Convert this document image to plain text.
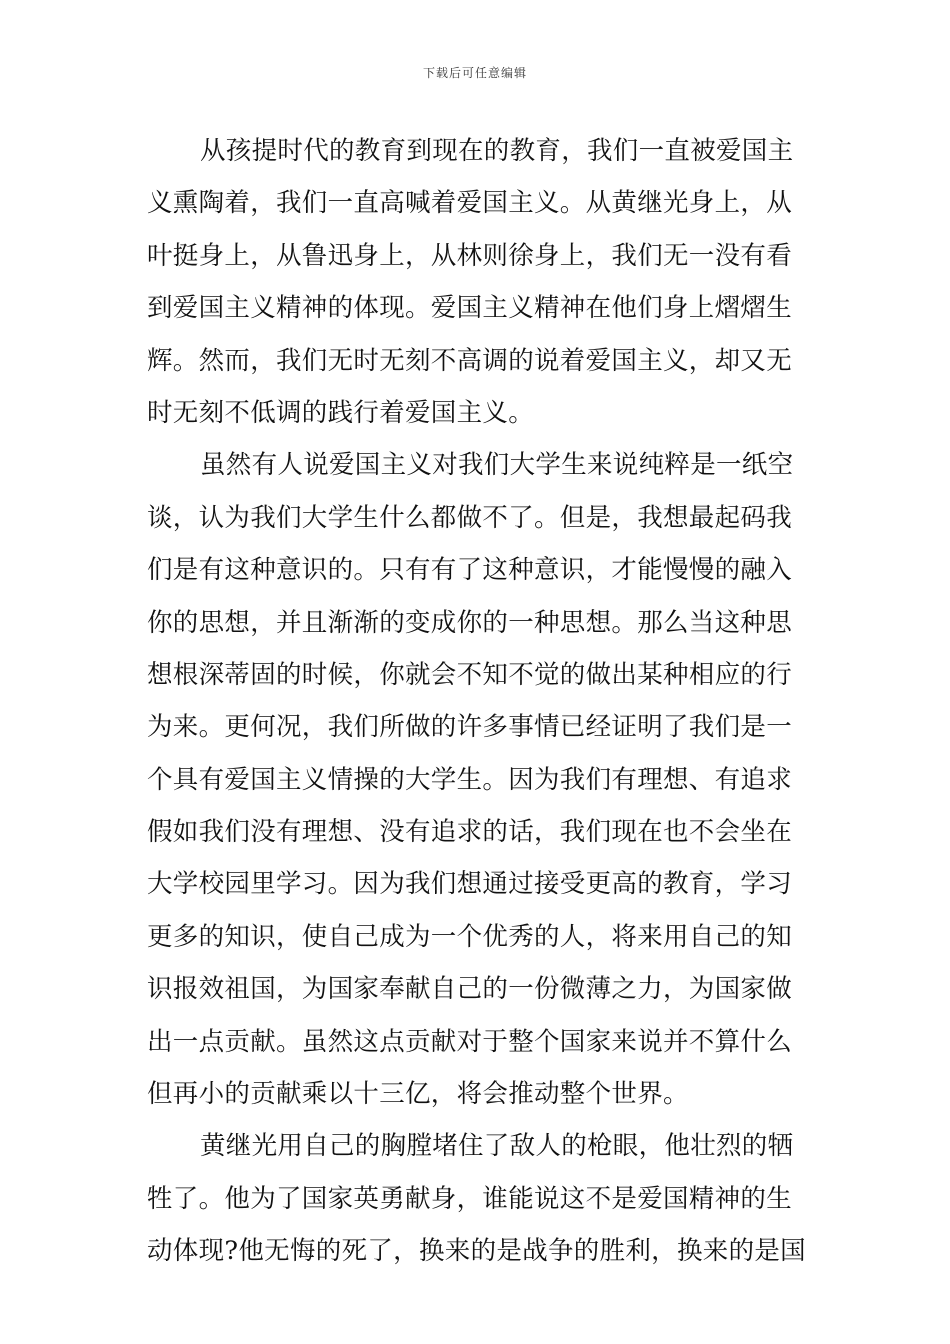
下载后可任意编辑
从孩提时代的教育到现在的教育，我们一直被爱国主
义熏陶着，我们一直高喊着爱国主义。从黄继光身上，从
叶挺身上，从鲁迅身上，从林则徐身上，我们无一没有看
到爱国主义精神的体现。爱国主义精神在他们身上熠熠生
辉。然而，我们无时无刻不高调的说着爱国主义，却又无
时无刻不低调的践行着爱国主义。
虽然有人说爱国主义对我们大学生来说纯粹是一纸空
谈，认为我们大学生什么都做不了。但是，我想最起码我
们是有这种意识的。只有有了这种意识，才能慢慢的融入
你的思想，并且渐渐的变成你的一种思想。那么当这种思
想根深蒂固的时候，你就会不知不觉的做出某种相应的行
为来。更何况，我们所做的许多事情已经证明了我们是一
个具有爱国主义情操的大学生。因为我们有理想、有追求
假如我们没有理想、没有追求的话，我们现在也不会坐在
大学校园里学习。因为我们想通过接受更高的教育，学习
更多的知识，使自己成为一个优秀的人，将来用自己的知
识报效祖国，为国家奉献自己的一份微薄之力，为国家做
出一点贡献。虽然这点贡献对于整个国家来说并不算什么
但再小的贡献乘以十三亿，将会推动整个世界。
黄继光用自己的胸膛堵住了敌人的枪眼，他壮烈的牺
牲了。他为了国家英勇献身，谁能说这不是爱国精神的生
动体现?他无悔的死了，换来的是战争的胜利，换来的是国
